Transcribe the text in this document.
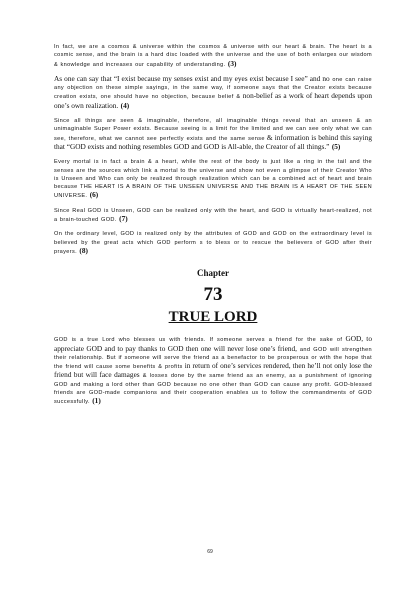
In fact, we are a cosmos & universe within the cosmos & universe with our heart & brain. The heart is a cosmic sense, and the brain is a hard disc loaded with the universe and the use of both enlarges our wisdom & knowledge and increases our capability of understanding. (3)

As one can say that “I exist because my senses exist and my eyes exist because I see” and no one can raise any objection on these simple sayings, in the same way, if someone says that the Creator exists because creation exists, one should have no objection, because belief & non-belief as a work of heart depends upon one’s own realization. (4)

Since all things are seen & imaginable, therefore, all imaginable things reveal that an unseen & an unimaginable Super Power exists. Because seeing is a limit for the limited and we can see only what we can see, therefore, what we cannot see perfectly exists and the same sense & information is behind this saying that “GOD exists and nothing resembles GOD and GOD is All-able, the Creator of all things.” (5)

Every mortal is in fact a brain & a heart, while the rest of the body is just like a ring in the tail and the senses are the sources which link a mortal to the universe and show not even a glimpse of their Creator Who is Unseen and Who can only be realized through realization which can be a combined act of heart and brain because THE HEART IS A BRAIN OF THE UNSEEN UNIVERSE AND THE BRAIN IS A HEART OF THE SEEN UNIVERSE. (6)

Since Real GOD is Unseen, GOD can be realized only with the heart, and GOD is virtually heart-realized, not a brain-touched GOD. (7)

On the ordinary level, GOD is realized only by the attributes of GOD and GOD on the extraordinary level is believed by the great acts which GOD perform s to bless or to rescue the believers of GOD after their prayers. (8)

Chapter
73
TRUE LORD

GOD is a true Lord who blesses us with friends. If someone serves a friend for the sake of GOD, to appreciate GOD and to pay thanks to GOD then one will never lose one’s friend, and GOD will strengthen their relationship. But if someone will serve the friend as a benefactor to be prosperous or with the hope that the friend will cause some benefits & profits in return of one’s services rendered, then he’ll not only lose the friend but will face damages & losses done by the same friend as an enemy, as a punishment of ignoring GOD and making a lord other than GOD because no one other than GOD can cause any profit. GOD-blessed friends are GOD-made companions and their cooperation enables us to follow the commandments of GOD successfully. (1)

69
